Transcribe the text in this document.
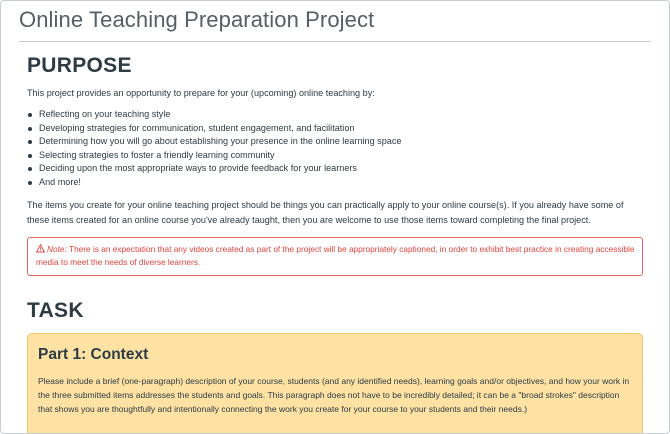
Online Teaching Preparation Project
PURPOSE

This project provides an opportunity to prepare for your (upcoming) online teaching by:

Reflecting on your teaching style
Developing strategies for communication, student engagement, and facilitation
Determining how you will go about establishing your presence in the online learning space
Selecting strategies to foster a friendly learning community
Deciding upon the most appropriate ways to provide feedback for your learners
And more!

The items you create for your online teaching project should be things you can practically apply to your online course(s). If you already have some of these items created for an online course you've already taught, then you are welcome to use those items toward completing the final project.

Note: There is an expectation that any videos created as part of the project will be appropriately captioned, in order to exhibit best practice in creating accessible media to meet the needs of diverse learners.
TASK
Part 1: Context

Please include a brief (one-paragraph) description of your course, students (and any identified needs), learning goals and/or objectives, and how your work in the three submitted items addresses the students and goals. This paragraph does not have to be incredibly detailed; it can be a "broad strokes" description that shows you are thoughtfully and intentionally connecting the work you create for your course to your students and their needs.)
